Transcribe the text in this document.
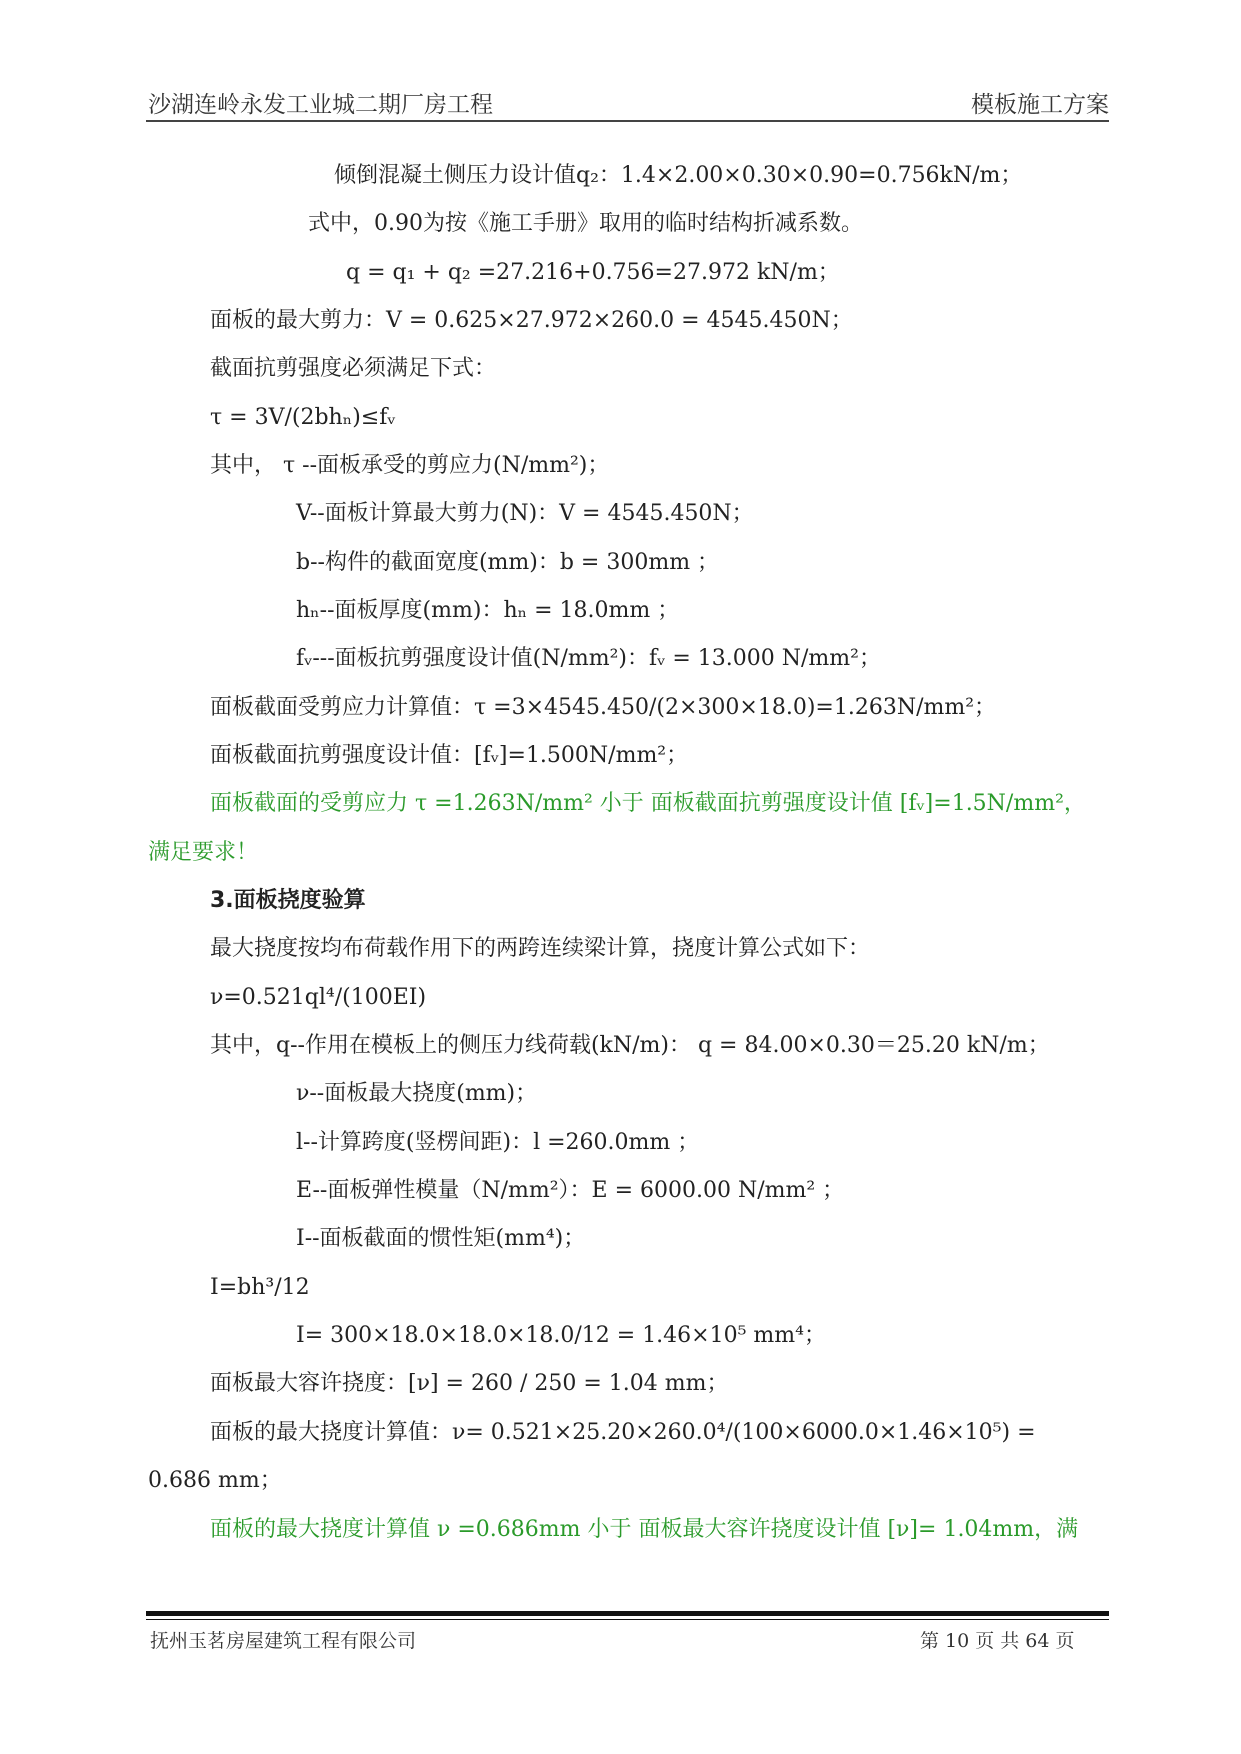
沙湖连岭永发工业城二期厂房工程	模板施工方案
倾倒混凝土侧压力设计值q₂：1.4×2.00×0.30×0.90=0.756kN/m；
式中，0.90为按《施工手册》取用的临时结构折减系数。
q = q₁ + q₂ =27.216+0.756=27.972 kN/m；
面板的最大剪力：V = 0.625×27.972×260.0 = 4545.450N；
截面抗剪强度必须满足下式：
τ = 3V/(2bhₙ)≤fᵥ
其中， τ --面板承受的剪应力(N/mm²)；
V--面板计算最大剪力(N)：V = 4545.450N；
b--构件的截面宽度(mm)：b = 300mm ；
hₙ--面板厚度(mm)：hₙ = 18.0mm ；
fᵥ---面板抗剪强度设计值(N/mm²)：fᵥ = 13.000 N/mm²；
面板截面受剪应力计算值：τ =3×4545.450/(2×300×18.0)=1.263N/mm²；
面板截面抗剪强度设计值：[fᵥ]=1.500N/mm²；
面板截面的受剪应力 τ =1.263N/mm² 小于 面板截面抗剪强度设计值 [fᵥ]=1.5N/mm²，
满足要求！
3.面板挠度验算
最大挠度按均布荷载作用下的两跨连续梁计算，挠度计算公式如下：
ν=0.521ql⁴/(100EI)
其中，q--作用在模板上的侧压力线荷载(kN/m)： q = 84.00×0.30＝25.20 kN/m；
ν--面板最大挠度(mm)；
l--计算跨度(竖楞间距)：l =260.0mm ；
E--面板弹性模量（N/mm²）：E = 6000.00 N/mm² ；
I--面板截面的惯性矩(mm⁴)；
I=bh³/12
I= 300×18.0×18.0×18.0/12 = 1.46×10⁵ mm⁴；
面板最大容许挠度：[ν] = 260 / 250 = 1.04 mm；
面板的最大挠度计算值：ν= 0.521×25.20×260.0⁴/(100×6000.0×1.46×10⁵) =
0.686 mm；
面板的最大挠度计算值 ν =0.686mm 小于 面板最大容许挠度设计值 [ν]= 1.04mm，满
抚州玉茗房屋建筑工程有限公司	第 10 页 共 64 页
